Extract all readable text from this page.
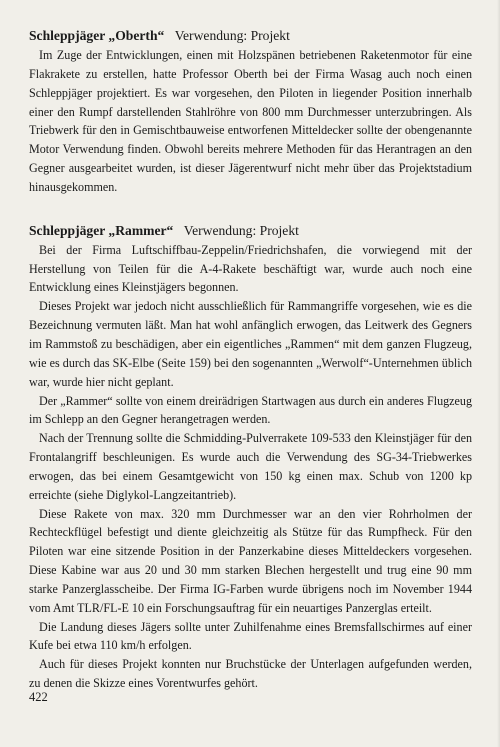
Schleppjäger „Oberth“ Verwendung: Projekt

Im Zuge der Entwicklungen, einen mit Holzspänen betriebenen Raketenmotor für eine Flakrakete zu erstellen, hatte Professor Oberth bei der Firma Wasag auch noch einen Schleppjäger projektiert. Es war vorgesehen, den Piloten in liegender Position innerhalb einer den Rumpf darstellenden Stahlröhre von 800 mm Durchmesser unterzubringen. Als Triebwerk für den in Gemischtbauweise entworfenen Mitteldecker sollte der obengenannte Motor Verwendung finden. Obwohl bereits mehrere Methoden für das Herantragen an den Gegner ausgearbeitet wurden, ist dieser Jägerentwurf nicht mehr über das Projektstadium hinausgekommen.

Schleppjäger „Rammer“ Verwendung: Projekt

Bei der Firma Luftschiffbau-Zeppelin/Friedrichshafen, die vorwiegend mit der Herstellung von Teilen für die A-4-Rakete beschäftigt war, wurde auch noch eine Entwicklung eines Kleinstjägers begonnen.

Dieses Projekt war jedoch nicht ausschließlich für Rammangriffe vorgesehen, wie es die Bezeichnung vermuten läßt. Man hat wohl anfänglich erwogen, das Leitwerk des Gegners im Rammstoß zu beschädigen, aber ein eigentliches „Rammen“ mit dem ganzen Flugzeug, wie es durch das SK-Elbe (Seite 159) bei den sogenannten „Werwolf“-Unternehmen üblich war, wurde hier nicht geplant.

Der „Rammer“ sollte von einem dreirädrigen Startwagen aus durch ein anderes Flugzeug im Schlepp an den Gegner herangetragen werden.

Nach der Trennung sollte die Schmidding-Pulverrakete 109-533 den Kleinstjäger für den Frontalangriff beschleunigen. Es wurde auch die Verwendung des SG-34-Triebwerkes erwogen, das bei einem Gesamtgewicht von 150 kg einen max. Schub von 1200 kp erreichte (siehe Diglykol-Langzeitantrieb).

Diese Rakete von max. 320 mm Durchmesser war an den vier Rohrholmen der Rechteckflügel befestigt und diente gleichzeitig als Stütze für das Rumpfheck. Für den Piloten war eine sitzende Position in der Panzerkabine dieses Mitteldeckers vorgesehen. Diese Kabine war aus 20 und 30 mm starken Blechen hergestellt und trug eine 90 mm starke Panzerglasscheibe. Der Firma IG-Farben wurde übrigens noch im November 1944 vom Amt TLR/FL-E 10 ein Forschungsauftrag für ein neuartiges Panzerglas erteilt.

Die Landung dieses Jägers sollte unter Zuhilfenahme eines Bremsfallschirmes auf einer Kufe bei etwa 110 km/h erfolgen.

Auch für dieses Projekt konnten nur Bruchstücke der Unterlagen aufgefunden werden, zu denen die Skizze eines Vorentwurfes gehört.

422
